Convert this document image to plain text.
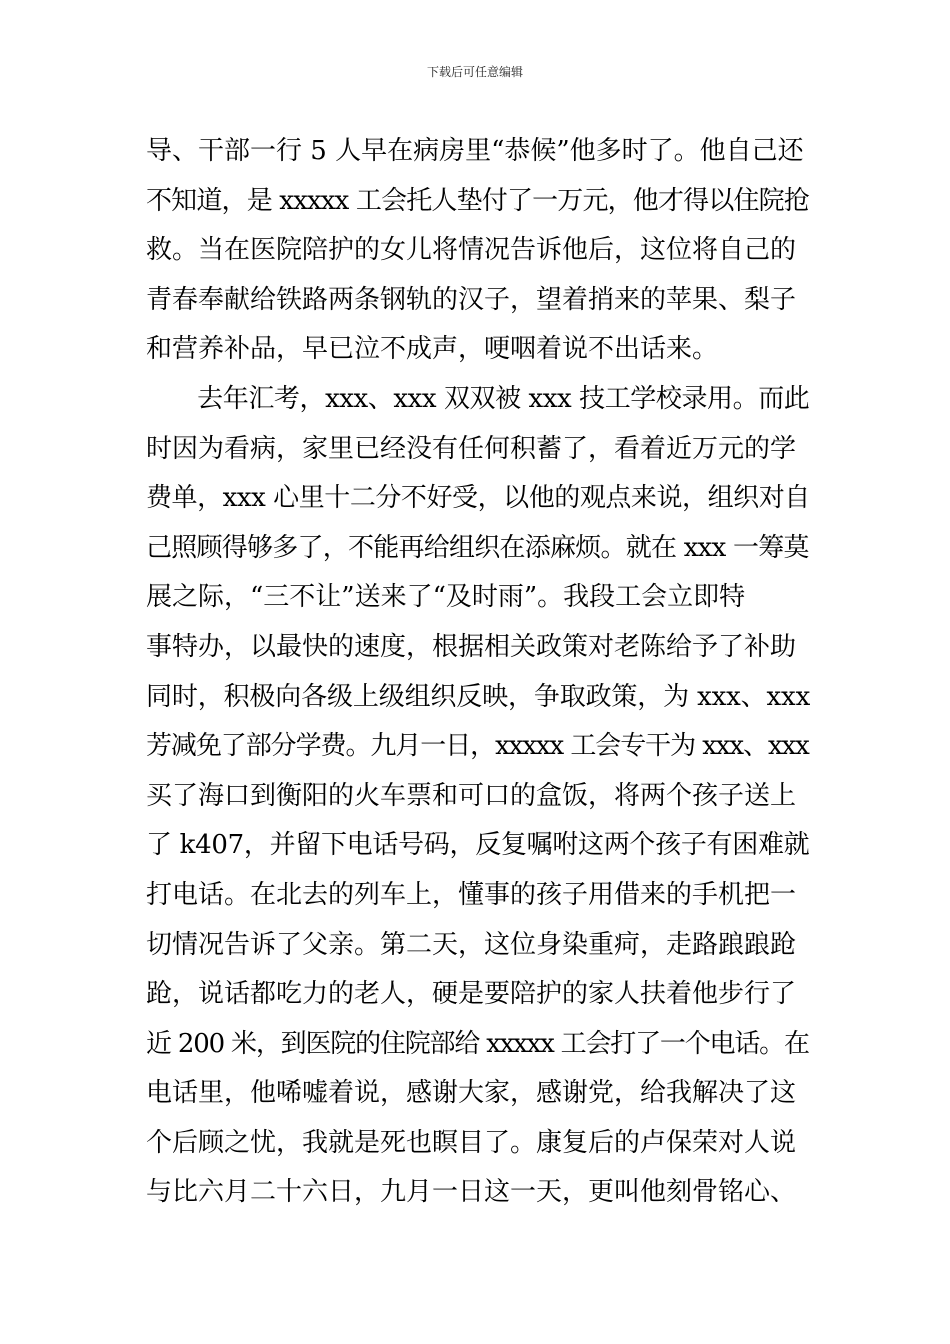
下载后可任意编辑
导、干部一行 5 人早在病房里“恭候”他多时了。他自己还
不知道，是 xxxxx 工会托人垫付了一万元，他才得以住院抢
救。当在医院陪护的女儿将情况告诉他后，这位将自己的
青春奉献给铁路两条钢轨的汉子，望着捎来的苹果、梨子
和营养补品，早已泣不成声，哽咽着说不出话来。
　　去年汇考，xxx、xxx 双双被 xxx 技工学校录用。而此
时因为看病，家里已经没有任何积蓄了，看着近万元的学
费单，xxx 心里十二分不好受，以他的观点来说，组织对自
己照顾得够多了，不能再给组织在添麻烦。就在 xxx 一筹莫
展之际，“三不让”送来了“及时雨”。我段工会立即特
事特办，以最快的速度，根据相关政策对老陈给予了补助
同时，积极向各级上级组织反映，争取政策，为 xxx、xxx
芳减免了部分学费。九月一日，xxxxx 工会专干为 xxx、xxx
买了海口到衡阳的火车票和可口的盒饭，将两个孩子送上
了 k407，并留下电话号码，反复嘱咐这两个孩子有困难就
打电话。在北去的列车上，懂事的孩子用借来的手机把一
切情况告诉了父亲。第二天，这位身染重疴，走路踉踉跄
跄，说话都吃力的老人，硬是要陪护的家人扶着他步行了
近 200 米，到医院的住院部给 xxxxx 工会打了一个电话。在
电话里，他唏嘘着说，感谢大家，感谢党，给我解决了这
个后顾之忧，我就是死也瞑目了。康复后的卢保荣对人说
与比六月二十六日，九月一日这一天，更叫他刻骨铭心、
